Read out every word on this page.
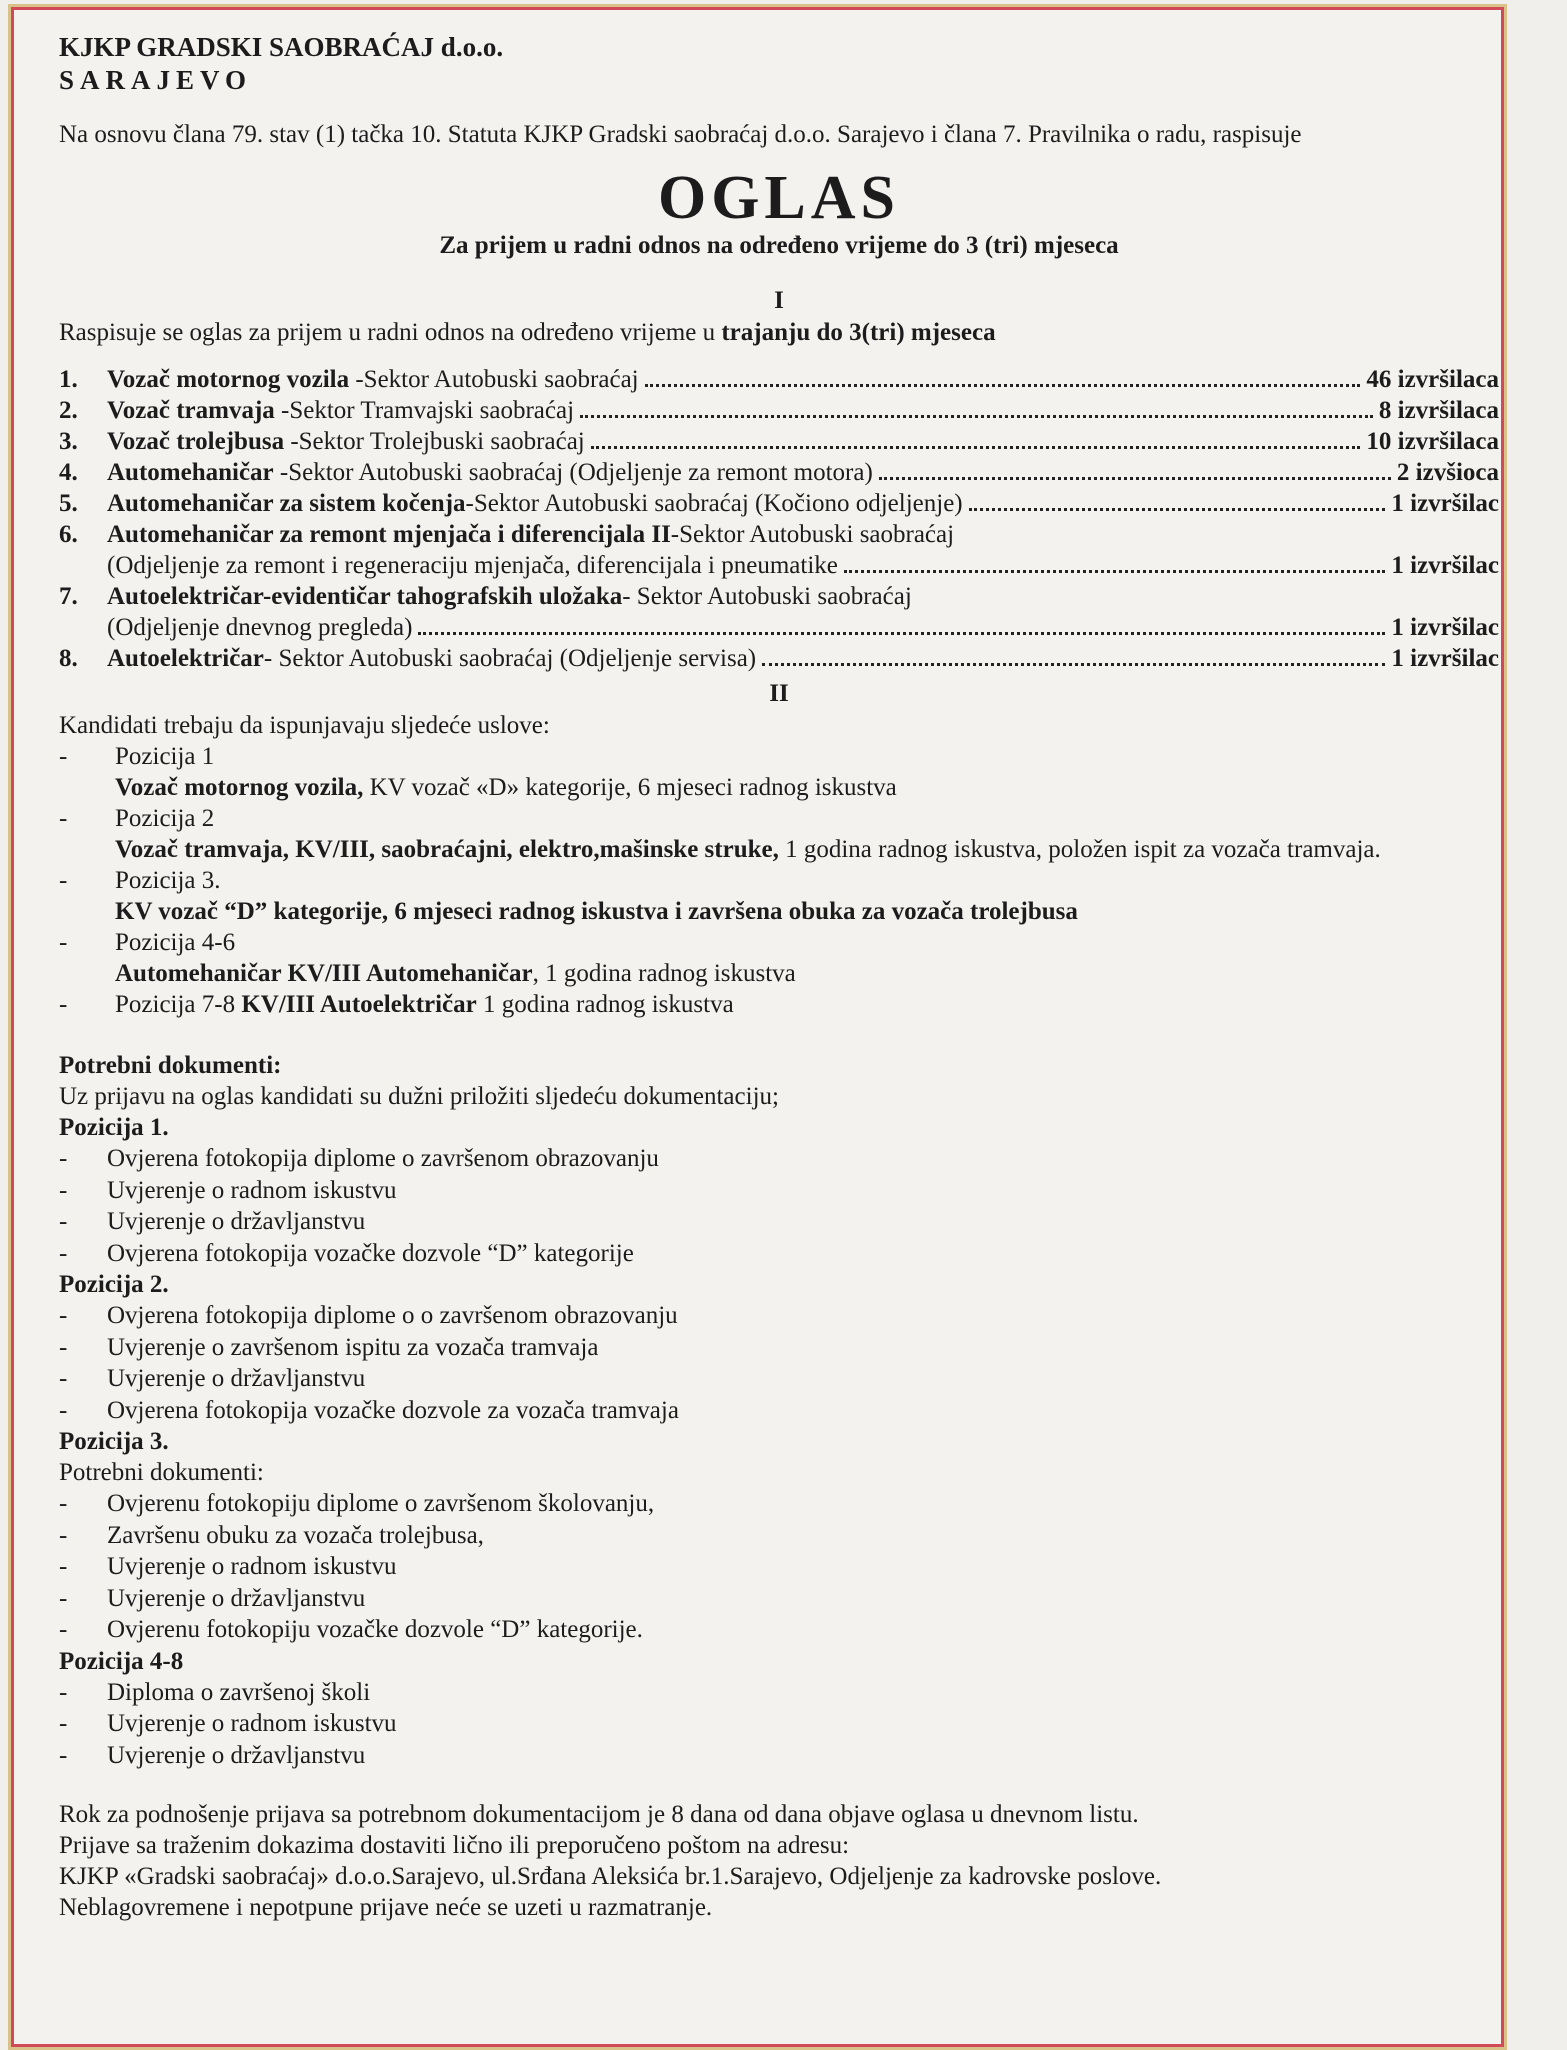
KJKP GRADSKI SAOBRAĆAJ d.o.o.
SARAJEVO
Na osnovu člana 79. stav (1) tačka 10. Statuta KJKP Gradski saobraćaj d.o.o. Sarajevo i člana 7. Pravilnika o radu, raspisuje
OGLAS
Za prijem u radni odnos na određeno vrijeme do 3 (tri) mjeseca
I
Raspisuje se oglas za prijem u radni odnos na određeno vrijeme u trajanju do 3(tri) mjeseca
1.	Vozač motornog vozila -Sektor Autobuski saobraćaj	46 izvršilaca
2.	Vozač tramvaja -Sektor Tramvajski saobraćaj	8 izvršilaca
3.	Vozač trolejbusa -Sektor Trolejbuski saobraćaj	10 izvršilaca
4.	Automehaničar -Sektor Autobuski saobraćaj (Odjeljenje za remont motora)	2 izvšioca
5.	Automehaničar za sistem kočenja-Sektor Autobuski saobraćaj (Kočiono odjeljenje)	1 izvršilac
6.	Automehaničar za remont mjenjača i diferencijala II-Sektor Autobuski saobraćaj
(Odjeljenje za remont i regeneraciju mjenjača, diferencijala i pneumatike	1 izvršilac
7.	Autoelektričar-evidentičar tahografskih uložaka- Sektor Autobuski saobraćaj
(Odjeljenje dnevnog pregleda)	1 izvršilac
8.	Autoelektričar- Sektor Autobuski saobraćaj (Odjeljenje servisa)	1 izvršilac
II
Kandidati trebaju da ispunjavaju sljedeće uslove:
- Pozicija 1
Vozač motornog vozila, KV vozač «D» kategorije, 6 mjeseci radnog iskustva
- Pozicija 2
Vozač tramvaja, KV/III, saobraćajni, elektro,mašinske struke, 1 godina radnog iskustva, položen ispit za vozača tramvaja.
- Pozicija 3.
KV vozač “D” kategorije, 6 mjeseci radnog iskustva i završena obuka za vozača trolejbusa
- Pozicija 4-6
Automehaničar KV/III Automehaničar, 1 godina radnog iskustva
- Pozicija 7-8 KV/III Autoelektričar 1 godina radnog iskustva
Potrebni dokumenti:
Uz prijavu na oglas kandidati su dužni priložiti sljedeću dokumentaciju;
Pozicija 1.
- Ovjerena fotokopija diplome o završenom obrazovanju
- Uvjerenje o radnom iskustvu
- Uvjerenje o državljanstvu
- Ovjerena fotokopija vozačke dozvole “D” kategorije
Pozicija 2.
- Ovjerena fotokopija diplome o o završenom obrazovanju
- Uvjerenje o završenom ispitu za vozača tramvaja
- Uvjerenje o državljanstvu
- Ovjerena fotokopija vozačke dozvole za vozača tramvaja
Pozicija 3.
Potrebni dokumenti:
- Ovjerenu fotokopiju diplome o završenom školovanju,
- Završenu obuku za vozača trolejbusa,
- Uvjerenje o radnom iskustvu
- Uvjerenje o državljanstvu
- Ovjerenu fotokopiju vozačke dozvole “D” kategorije.
Pozicija 4-8
- Diploma o završenoj školi
- Uvjerenje o radnom iskustvu
- Uvjerenje o državljanstvu
Rok za podnošenje prijava sa potrebnom dokumentacijom je 8 dana od dana objave oglasa u dnevnom listu.
Prijave sa traženim dokazima dostaviti lično ili preporučeno poštom na adresu:
KJKP «Gradski saobraćaj» d.o.o.Sarajevo, ul.Srđana Aleksića br.1.Sarajevo, Odjeljenje za kadrovske poslove.
Neblagovremene i nepotpune prijave neće se uzeti u razmatranje.
